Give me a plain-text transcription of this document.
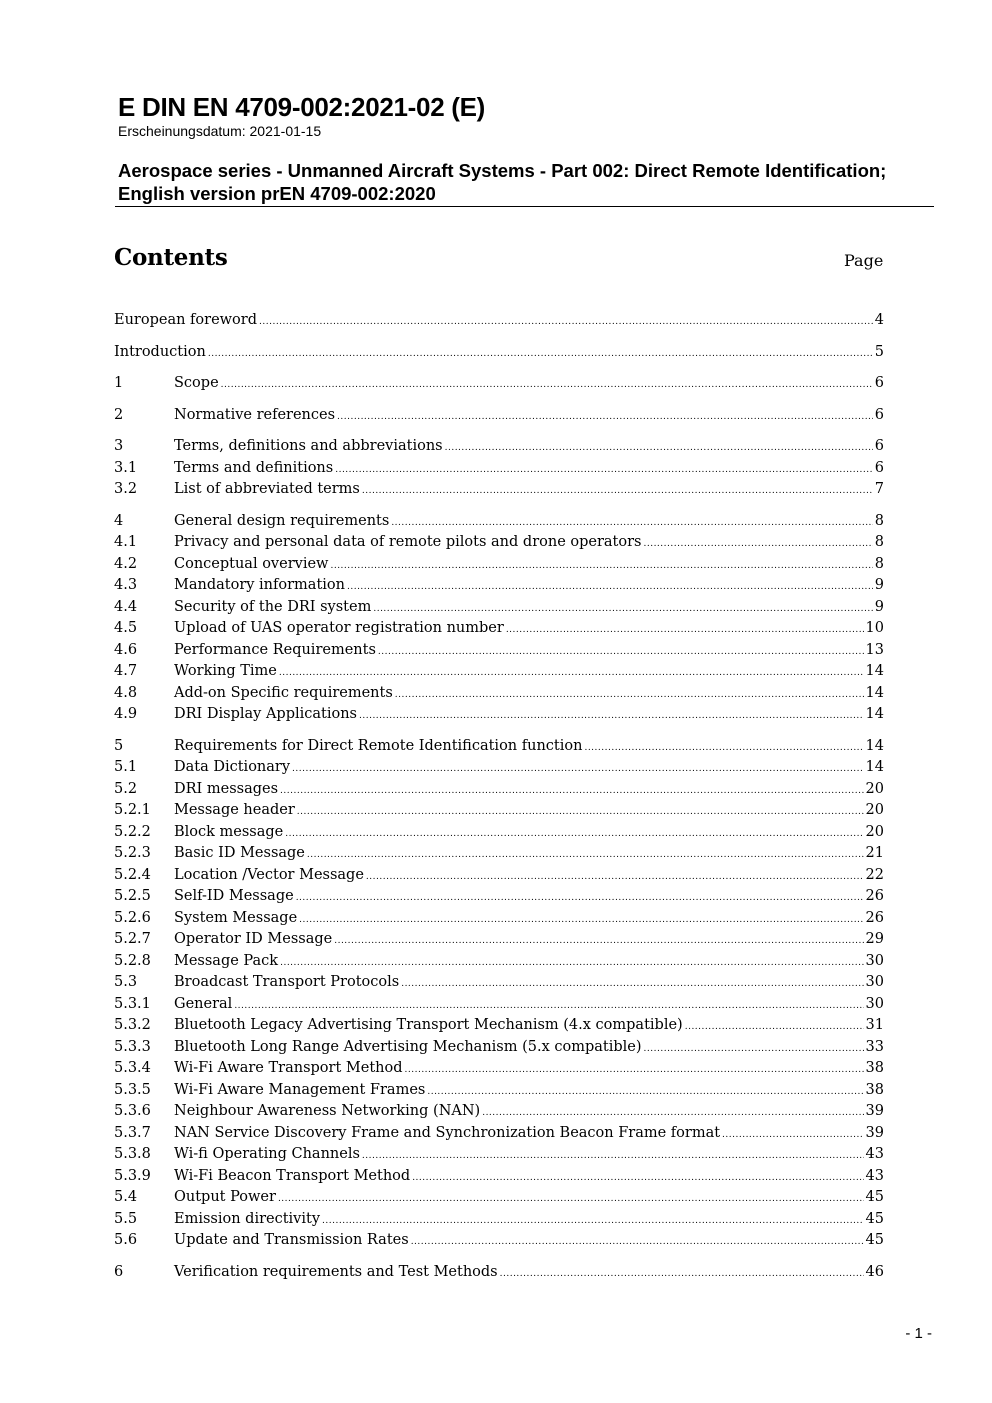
E DIN EN 4709-002:2021-02 (E)
Erscheinungsdatum: 2021-01-15
Aerospace series - Unmanned Aircraft Systems - Part 002: Direct Remote Identification; English version prEN 4709-002:2020
Contents	Page
European foreword .....	4
Introduction .....	5
1	Scope .....	6
2	Normative references .....	6
3	Terms, definitions and abbreviations .....	6
3.1	Terms and definitions .....	6
3.2	List of abbreviated terms .....	7
4	General design requirements .....	8
4.1	Privacy and personal data of remote pilots and drone operators .....	8
4.2	Conceptual overview .....	8
4.3	Mandatory information .....	9
4.4	Security of the DRI system .....	9
4.5	Upload of UAS operator registration number .....	10
4.6	Performance Requirements .....	13
4.7	Working Time .....	14
4.8	Add-on Specific requirements .....	14
4.9	DRI Display Applications .....	14
5	Requirements for Direct Remote Identification function .....	14
5.1	Data Dictionary .....	14
5.2	DRI messages .....	20
5.2.1	Message header .....	20
5.2.2	Block message .....	20
5.2.3	Basic ID Message .....	21
5.2.4	Location /Vector Message .....	22
5.2.5	Self-ID Message .....	26
5.2.6	System Message .....	26
5.2.7	Operator ID Message .....	29
5.2.8	Message Pack .....	30
5.3	Broadcast Transport Protocols .....	30
5.3.1	General .....	30
5.3.2	Bluetooth Legacy Advertising Transport Mechanism (4.x compatible) .....	31
5.3.3	Bluetooth Long Range Advertising Mechanism (5.x compatible) .....	33
5.3.4	Wi-Fi Aware Transport Method .....	38
5.3.5	Wi-Fi Aware Management Frames .....	38
5.3.6	Neighbour Awareness Networking (NAN) .....	39
5.3.7	NAN Service Discovery Frame and Synchronization Beacon Frame format .....	39
5.3.8	Wi-fi Operating Channels .....	43
5.3.9	Wi-Fi Beacon Transport Method .....	43
5.4	Output Power .....	45
5.5	Emission directivity .....	45
5.6	Update and Transmission Rates .....	45
6	Verification requirements and Test Methods .....	46
- 1 -
